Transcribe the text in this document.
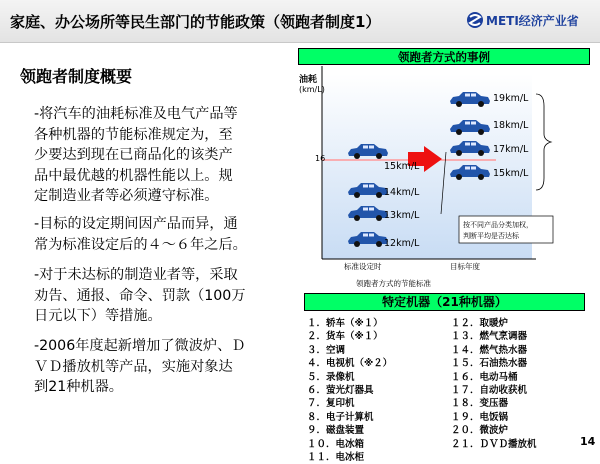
家庭、办公场所等民生部门的节能政策（领跑者制度1）	METI经济产业省
领跑者制度概要
-将汽车的油耗标准及电气产品等
各种机器的节能标准规定为，至
少要达到现在已商品化的该类产
品中最优越的机器性能以上。规
定制造业者等必须遵守标准。
-目标的设定期间因产品而异，通
常为标准设定后的４～６年之后。
-对于未达标的制造业者等，采取
劝告、通报、命令、罚款（100万
日元以下）等措施。
-2006年度起新增加了微波炉、Ｄ
ＶＤ播放机等产品，实施对象达
到21种机器。
领跑者方式的事例
油耗
(km/L)
16
15km/L
14km/L
13km/L
12km/L
19km/L
18km/L
17km/L
15km/L
按不同产品分类加权，
判断平均是否达标
标准设定时	目标年度
领跑者方式的节能标准
特定机器（21种机器）
１．轿车（※１）
２．货车（※１）
３．空调
４．电视机（※２）
５．录像机
６．萤光灯器具
７．复印机
８．电子计算机
９．磁盘装置
１０．电冰箱
１１．电冰柜
１２．取暖炉
１３．燃气烹调器
１４．燃气热水器
１５．石油热水器
１６．电动马桶
１７．自动收获机
１８．变压器
１９．电饭锅
２０．微波炉
２１．ＤＶＤ播放机	14
